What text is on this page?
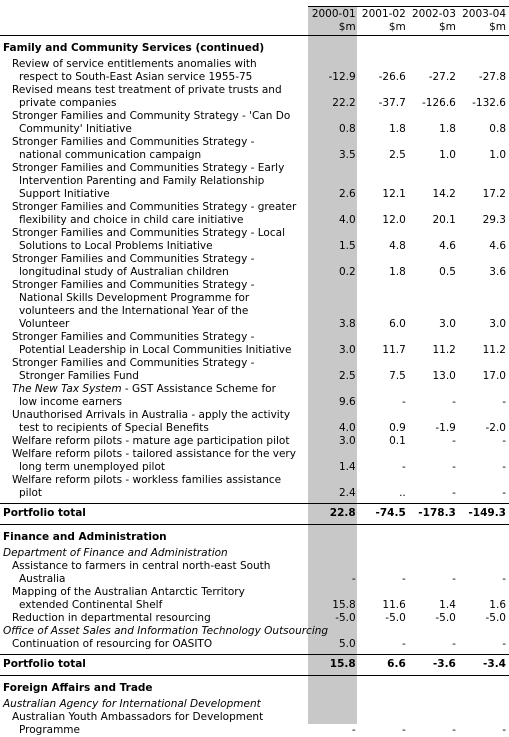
	2000-01	2001-02	2002-03	2003-04
	$m	$m	$m	$m
Family and Community Services (continued)				
Review of service entitlements anomalies with respect to South-East Asian service 1955-75	-12.9	-26.6	-27.2	-27.8
Revised means test treatment of private trusts and private companies	22.2	-37.7	-126.6	-132.6
Stronger Families and Community Strategy - 'Can Do Community' Initiative	0.8	1.8	1.8	0.8
Stronger Families and Communities Strategy - national communication campaign	3.5	2.5	1.0	1.0
Stronger Families and Communities Strategy - Early Intervention Parenting and Family Relationship Support Initiative	2.6	12.1	14.2	17.2
Stronger Families and Communities Strategy - greater flexibility and choice in child care initiative	4.0	12.0	20.1	29.3
Stronger Families and Communities Strategy - Local Solutions to Local Problems Initiative	1.5	4.8	4.6	4.6
Stronger Families and Communities Strategy - longitudinal study of Australian children	0.2	1.8	0.5	3.6
Stronger Families and Communities Strategy - National Skills Development Programme for volunteers and the International Year of the Volunteer	3.8	6.0	3.0	3.0
Stronger Families and Communities Strategy - Potential Leadership in Local Communities Initiative	3.0	11.7	11.2	11.2
Stronger Families and Communities Strategy - Stronger Families Fund	2.5	7.5	13.0	17.0
The New Tax System - GST Assistance Scheme for low income earners	9.6	-	-	-
Unauthorised Arrivals in Australia - apply the activity test to recipients of Special Benefits	4.0	0.9	-1.9	-2.0
Welfare reform pilots - mature age participation pilot	3.0	0.1	-	-
Welfare reform pilots - tailored assistance for the very long term unemployed pilot	1.4	-	-	-
Welfare reform pilots - workless families assistance pilot	2.4	..	-	-

Portfolio total	22.8	-74.5	-178.3	-149.3
Finance and Administration				
Department of Finance and Administration				
Assistance to farmers in central north-east South Australia	-	-	-	-
Mapping of the Australian Antarctic Territory extended Continental Shelf	15.8	11.6	1.4	1.6
Reduction in departmental resourcing	-5.0	-5.0	-5.0	-5.0
Office of Asset Sales and Information Technology Outsourcing				
Continuation of resourcing for OASITO	5.0	-	-	-

Portfolio total	15.8	6.6	-3.6	-3.4
Foreign Affairs and Trade				
Australian Agency for International Development				
Australian Youth Ambassadors for Development Programme	-	-	-	-
